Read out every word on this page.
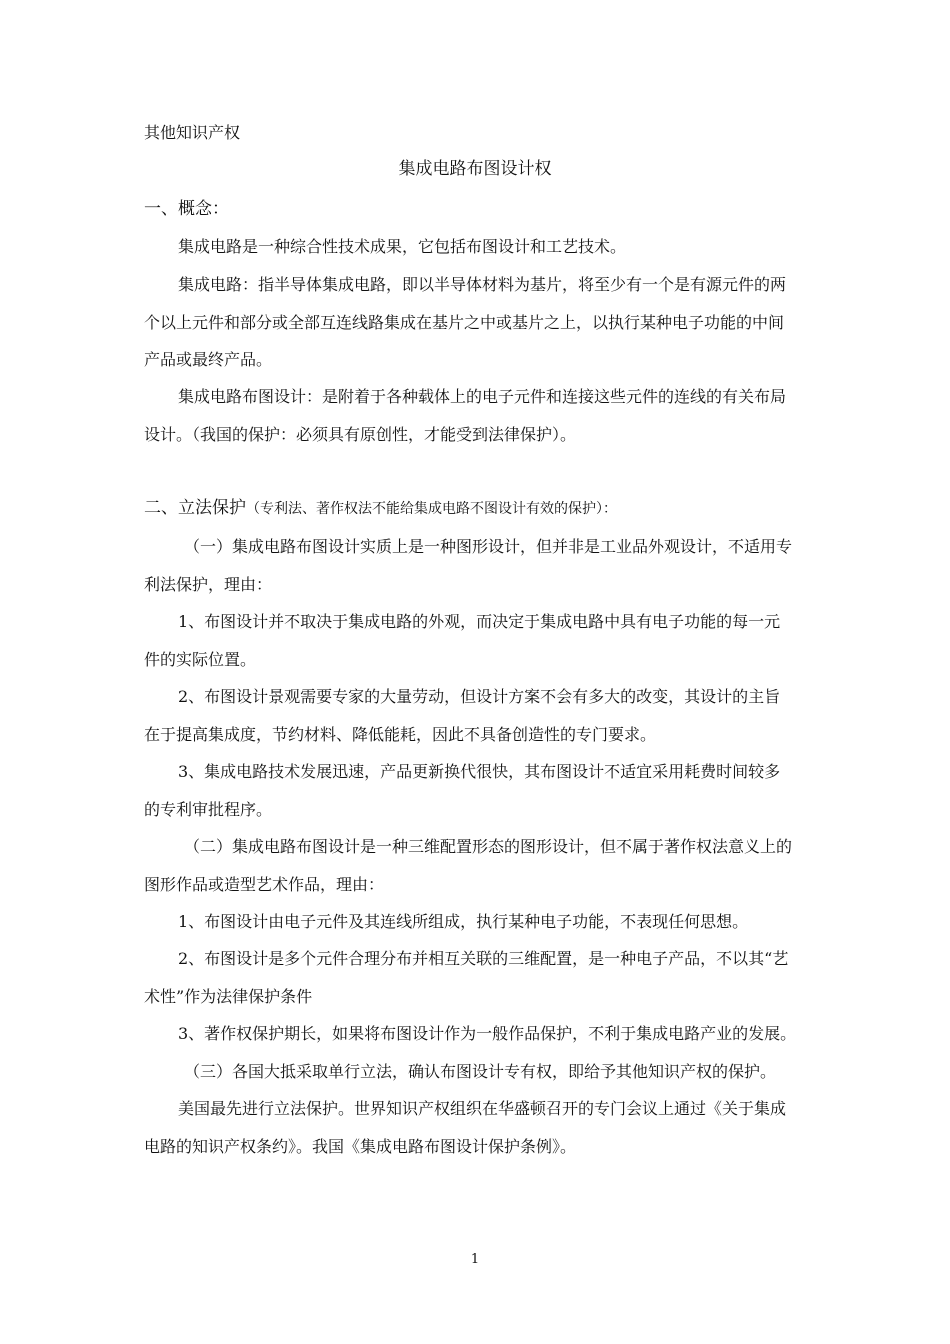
其他知识产权
集成电路布图设计权
一、概念：
集成电路是一种综合性技术成果，它包括布图设计和工艺技术。
集成电路：指半导体集成电路，即以半导体材料为基片，将至少有一个是有源元件的两
个以上元件和部分或全部互连线路集成在基片之中或基片之上，以执行某种电子功能的中间
产品或最终产品。
集成电路布图设计：是附着于各种载体上的电子元件和连接这些元件的连线的有关布局
设计。（我国的保护：必须具有原创性，才能受到法律保护）。
二、立法保护（专利法、著作权法不能给集成电路不图设计有效的保护）：
（一）集成电路布图设计实质上是一种图形设计，但并非是工业品外观设计，不适用专
利法保护，理由：
1、布图设计并不取决于集成电路的外观，而决定于集成电路中具有电子功能的每一元
件的实际位置。
2、布图设计景观需要专家的大量劳动，但设计方案不会有多大的改变，其设计的主旨
在于提高集成度，节约材料、降低能耗，因此不具备创造性的专门要求。
3、集成电路技术发展迅速，产品更新换代很快，其布图设计不适宜采用耗费时间较多
的专利审批程序。
（二）集成电路布图设计是一种三维配置形态的图形设计，但不属于著作权法意义上的
图形作品或造型艺术作品，理由：
1、布图设计由电子元件及其连线所组成，执行某种电子功能，不表现任何思想。
2、布图设计是多个元件合理分布并相互关联的三维配置，是一种电子产品，不以其“艺
术性”作为法律保护条件
3、著作权保护期长，如果将布图设计作为一般作品保护，不利于集成电路产业的发展。
（三）各国大抵采取单行立法，确认布图设计专有权，即给予其他知识产权的保护。
美国最先进行立法保护。世界知识产权组织在华盛顿召开的专门会议上通过《关于集成
电路的知识产权条约》。我国《集成电路布图设计保护条例》。
1
